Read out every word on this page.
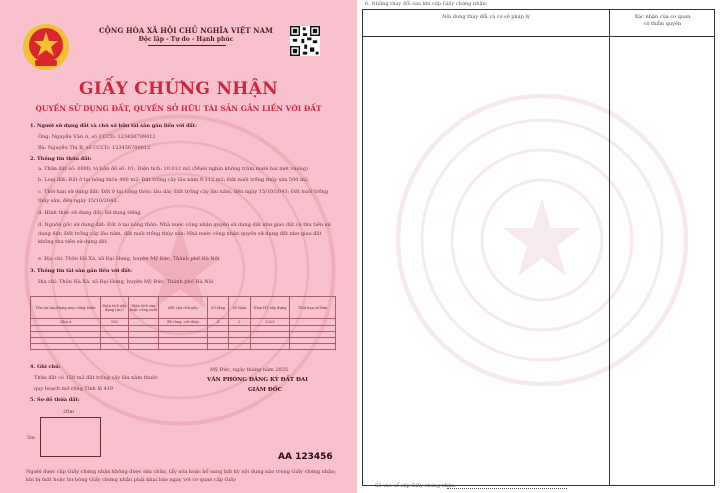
CỘNG HÒA XÃ HỘI CHỦ NGHĨA VIỆT NAM
Độc lập - Tự do - Hạnh phúc
GIẤY CHỨNG NHẬN
QUYỀN SỬ DỤNG ĐẤT, QUYỀN SỞ HỮU TÀI SẢN GẮN LIỀN VỚI ĐẤT
1. Người sử dụng đất và chủ sở hữu tài sản gắn liền với đất:
Ông: Nguyễn Văn A, số CCCD: 123456789012
Bà: Nguyễn Thị B, số CCCD: 123456789012
2. Thông tin thửa đất:
a. Thửa đất số: 0000; tờ bản đồ số: 01; Diện tích: 10.012 m2 (Mười nghìn không trăm mười hai mét vuông)
b. Loại đất: Đất ở tại nông thôn 400 m2; Đất trồng cây lâu năm 9.112 m2; Đất nuôi trồng thủy sản 500 m2.
c. Thời hạn sử dụng đất: Đất ở tại nông thôn: lâu dài; Đất trồng cây lâu năm, đến ngày 15/10/2043; Đất nuôi trồng thủy sản, đến ngày 15/10/2043.
d. Hình thức sử dụng đất: Sử dụng riêng.
đ. Nguồn gốc sử dụng đất: Đất ở tại nông thôn: Nhà nước công nhận quyền sử dụng đất như giao đất có thu tiền sử dụng đất; Đất trồng cây lâu năm, đất nuôi trồng thủy sản: Nhà nước công nhận quyền sử dụng đất như giao đất không thu tiền sử dụng đất.
e. Địa chỉ: Thôn Hà Xá, xã Đại Hưng, huyện Mỹ Đức, Thành phố Hà Nội
3. Thông tin tài sản gắn liền với đất:
Địa chỉ: Thôn Hà Xá, xã Đại Hưng, huyện Mỹ Đức, Thành phố Hà Nội
Tên tài sản/Hạng mục công trình	Diện tích xây dựng (m2)	Diện tích sàn hoặc công suất	Kết cấu chủ yếu	Số tầng	Số hầm	Năm HT xây dựng	Thời hạn sở hữu
Nhà ở	150		Bê tông, cốt thép	4	2	2023	

4. Ghi chú:
Thửa đất có 150 m2 đất trồng cây lâu năm thuộc
quy hoạch mở rộng Tỉnh lộ 419
Mỹ Đức, ngày tháng năm 2025
VĂN PHÒNG ĐĂNG KÝ ĐẤT ĐAI
GIÁM ĐỐC
5. Sơ đồ thửa đất:
20m
5m
AA 123456
Người được cấp Giấy chứng nhận không được sửa chữa, tẩy xóa hoặc bổ sung bất kỳ nội dung nào trong Giấy chứng nhận; khi bị mất hoặc hư hỏng Giấy chứng nhận phải khai báo ngay với cơ quan cấp Giấy
6. Những thay đổi sau khi cấp Giấy chứng nhận:
Nội dung thay đổi và cơ sở pháp lý	Xác nhận của cơ quan
có thẩm quyền
Số vào sổ cấp Giấy chứng nhận:
